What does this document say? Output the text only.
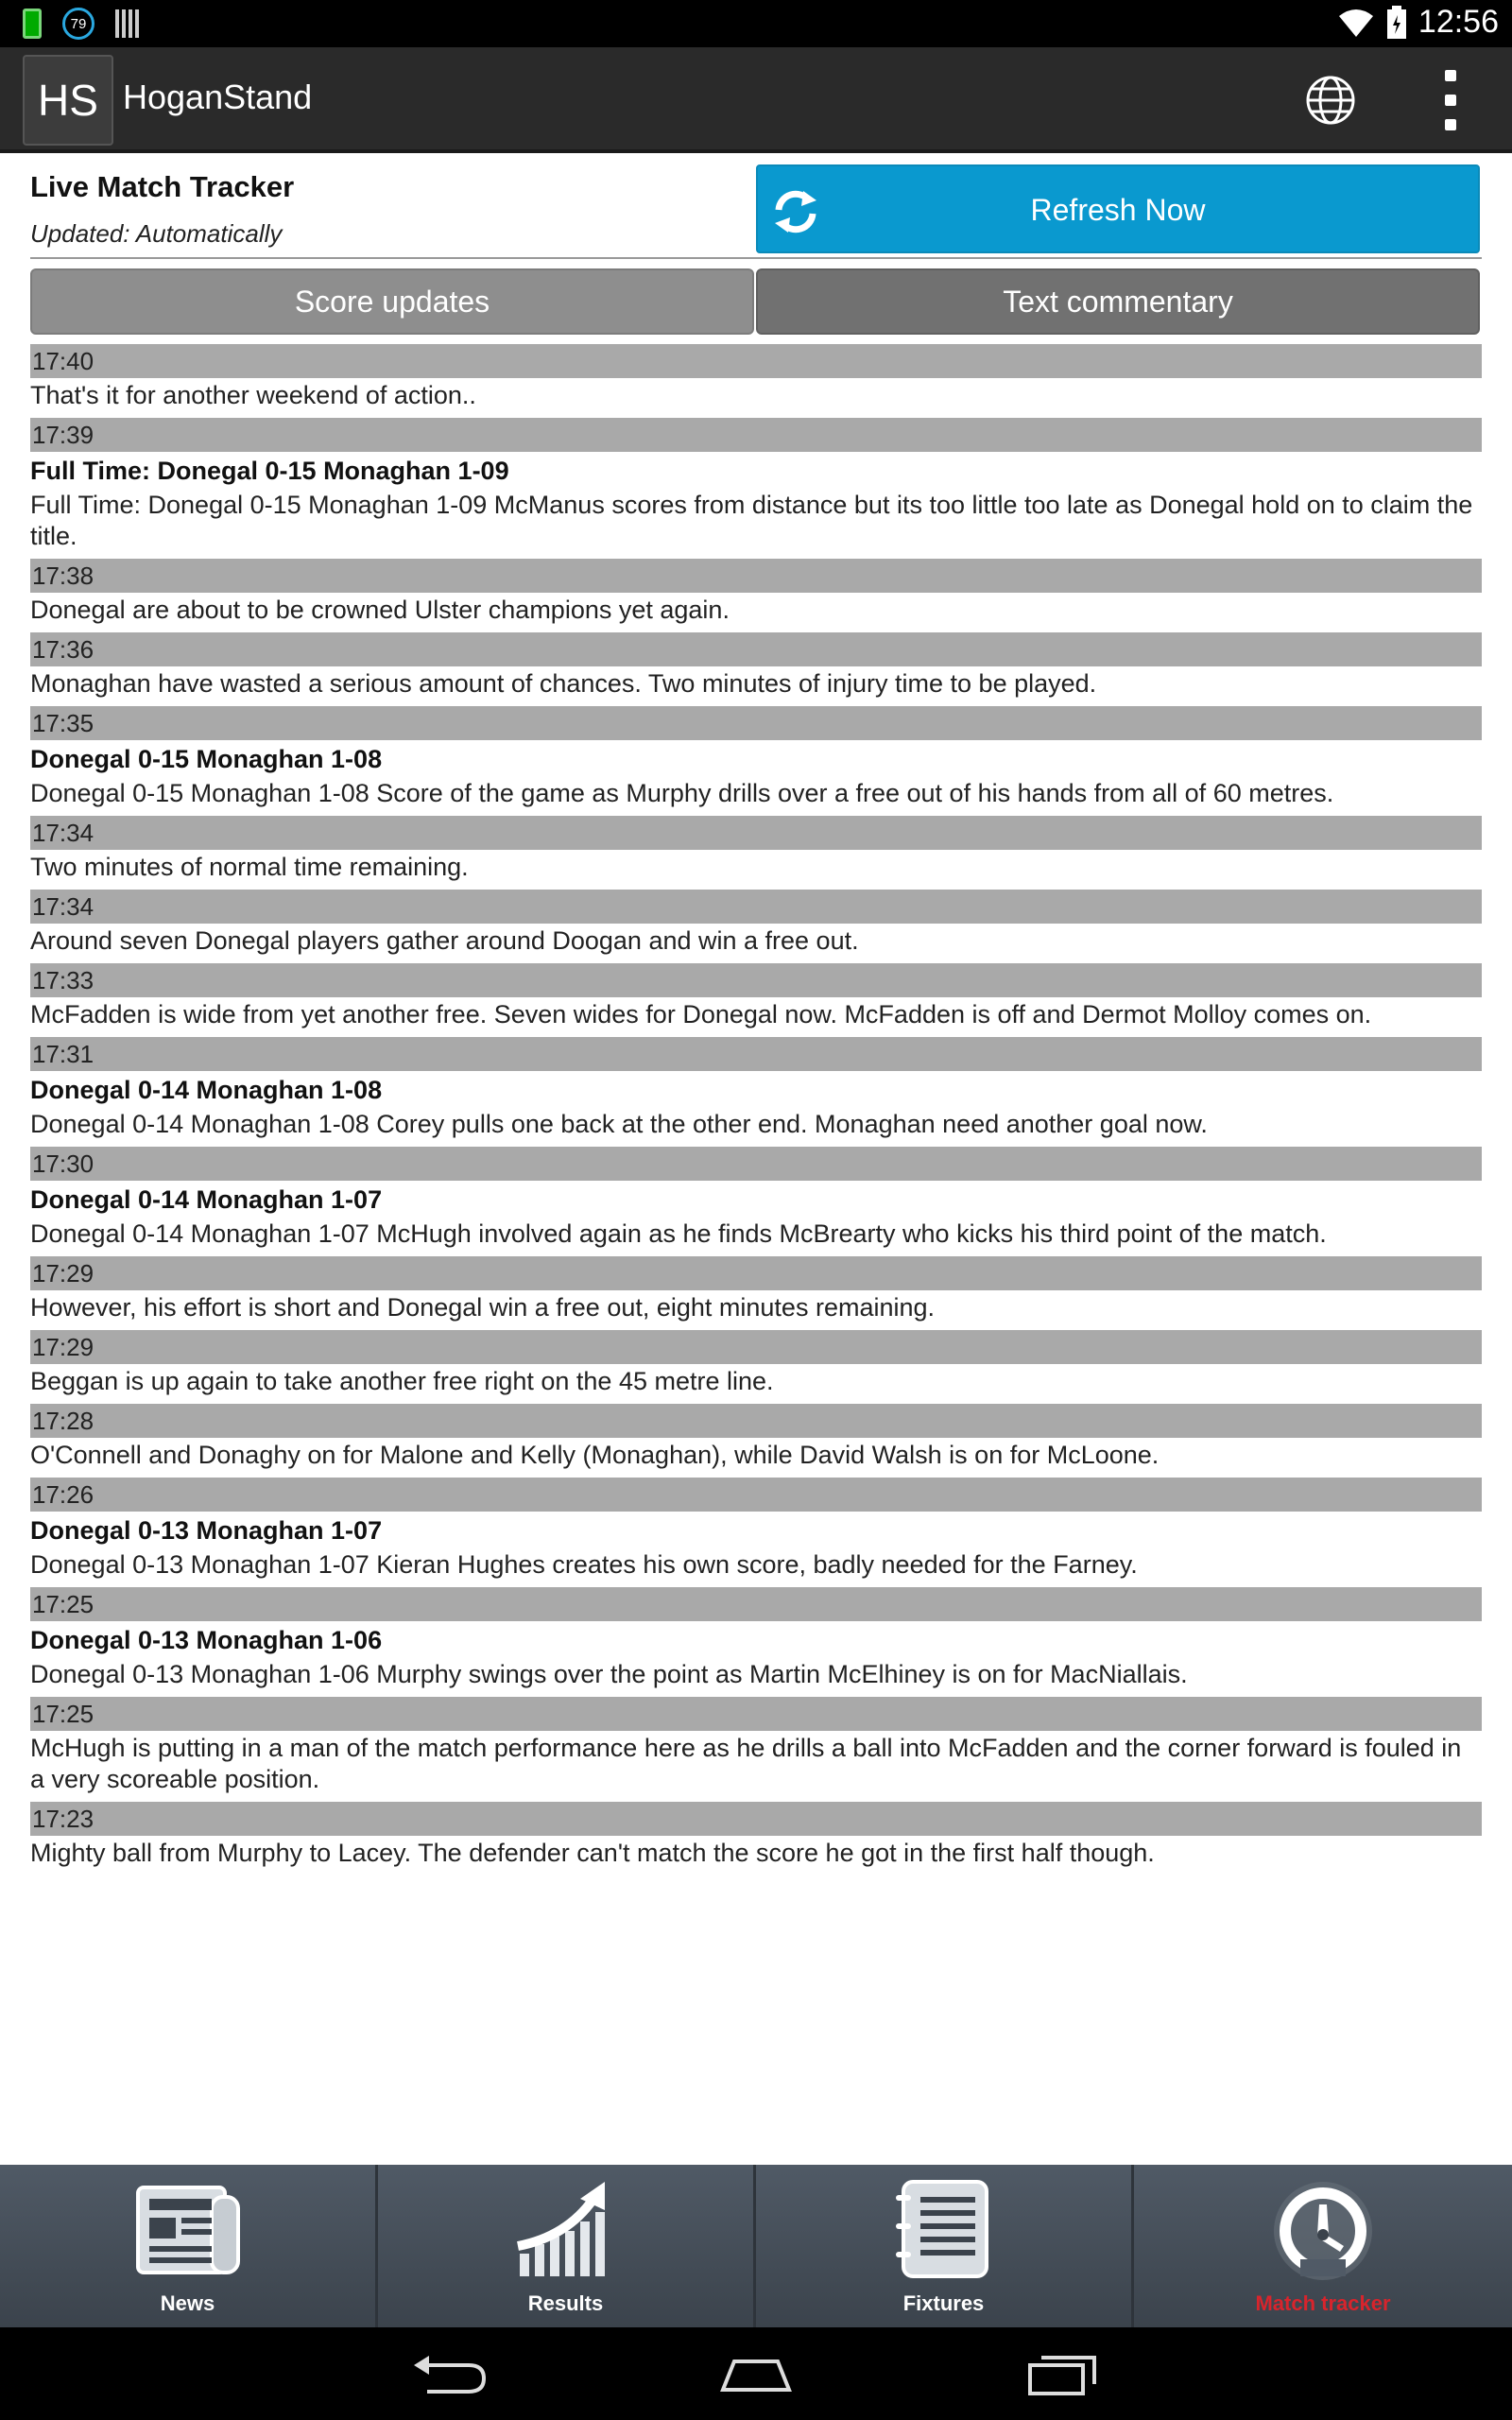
79	12:56
HS HoganStand
Live Match Tracker
Updated: Automatically
Refresh Now
Score updates	Text commentary
17:40
That's it for another weekend of action..
17:39
Full Time: Donegal 0-15 Monaghan 1-09
Full Time: Donegal 0-15 Monaghan 1-09 McManus scores from distance but its too little too late as Donegal hold on to claim the title.
17:38
Donegal are about to be crowned Ulster champions yet again.
17:36
Monaghan have wasted a serious amount of chances. Two minutes of injury time to be played.
17:35
Donegal 0-15 Monaghan 1-08
Donegal 0-15 Monaghan 1-08 Score of the game as Murphy drills over a free out of his hands from all of 60 metres.
17:34
Two minutes of normal time remaining.
17:34
Around seven Donegal players gather around Doogan and win a free out.
17:33
McFadden is wide from yet another free. Seven wides for Donegal now. McFadden is off and Dermot Molloy comes on.
17:31
Donegal 0-14 Monaghan 1-08
Donegal 0-14 Monaghan 1-08 Corey pulls one back at the other end. Monaghan need another goal now.
17:30
Donegal 0-14 Monaghan 1-07
Donegal 0-14 Monaghan 1-07 McHugh involved again as he finds McBrearty who kicks his third point of the match.
17:29
However, his effort is short and Donegal win a free out, eight minutes remaining.
17:29
Beggan is up again to take another free right on the 45 metre line.
17:28
O'Connell and Donaghy on for Malone and Kelly (Monaghan), while David Walsh is on for McLoone.
17:26
Donegal 0-13 Monaghan 1-07
Donegal 0-13 Monaghan 1-07 Kieran Hughes creates his own score, badly needed for the Farney.
17:25
Donegal 0-13 Monaghan 1-06
Donegal 0-13 Monaghan 1-06 Murphy swings over the point as Martin McElhiney is on for MacNiallais.
17:25
McHugh is putting in a man of the match performance here as he drills a ball into McFadden and the corner forward is fouled in a very scoreable position.
17:23
Mighty ball from Murphy to Lacey. The defender can't match the score he got in the first half though.
News	Results	Fixtures	Match tracker
